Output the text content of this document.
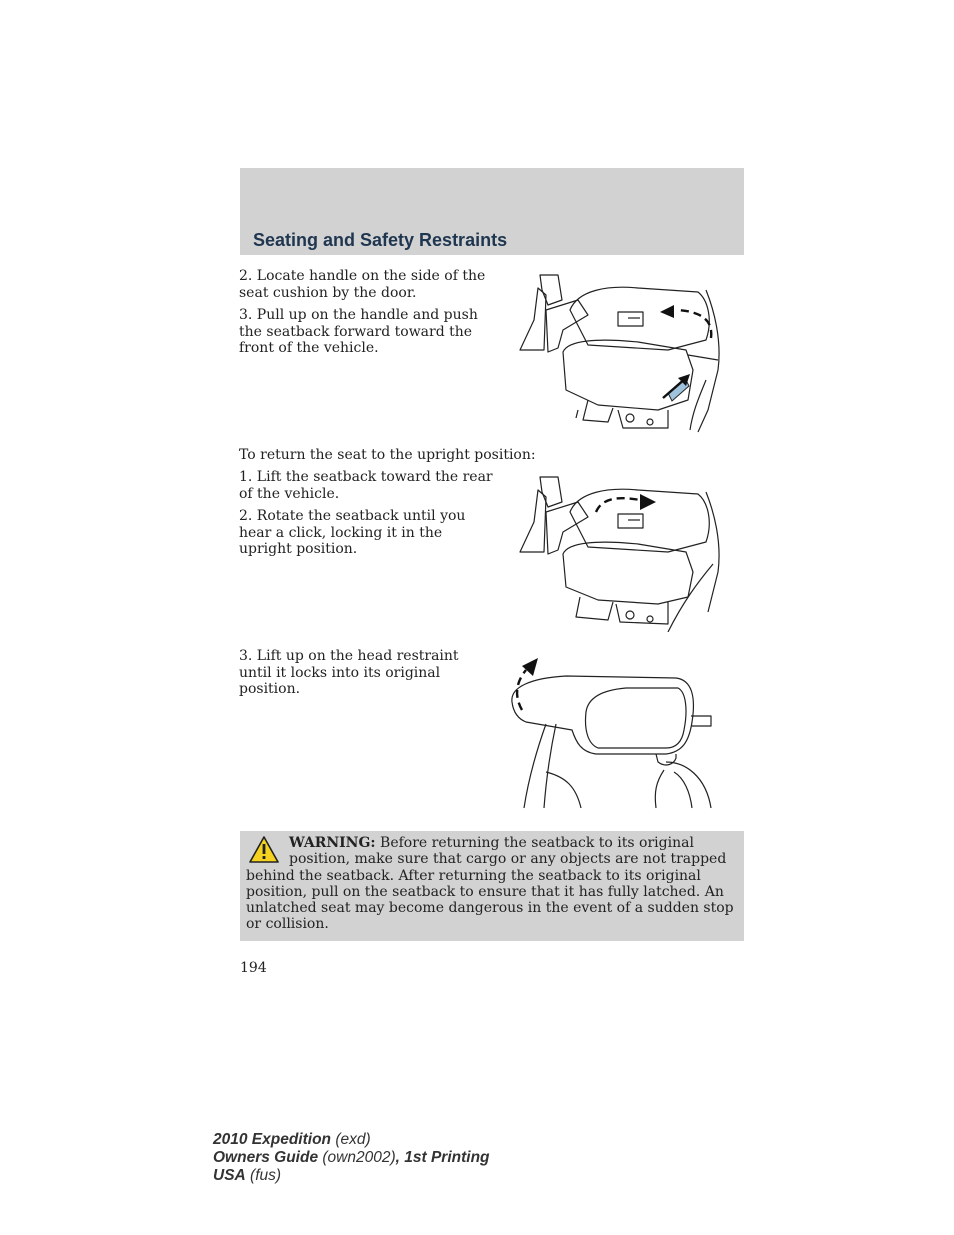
Seating and Safety Restraints

2. Locate handle on the side of the seat cushion by the door.

3. Pull up on the handle and push the seatback forward toward the front of the vehicle.

To return the seat to the upright position:

1. Lift the seatback toward the rear of the vehicle.

2. Rotate the seatback until you hear a click, locking it in the upright position.

3. Lift up on the head restraint until it locks into its original position.

WARNING: Before returning the seatback to its original position, make sure that cargo or any objects are not trapped
behind the seatback. After returning the seatback to its original position, pull on the seatback to ensure that it has fully latched. An unlatched seat may become dangerous in the event of a sudden stop or collision.

194
2010 Expedition (exd)
Owners Guide (own2002), 1st Printing
USA (fus)
